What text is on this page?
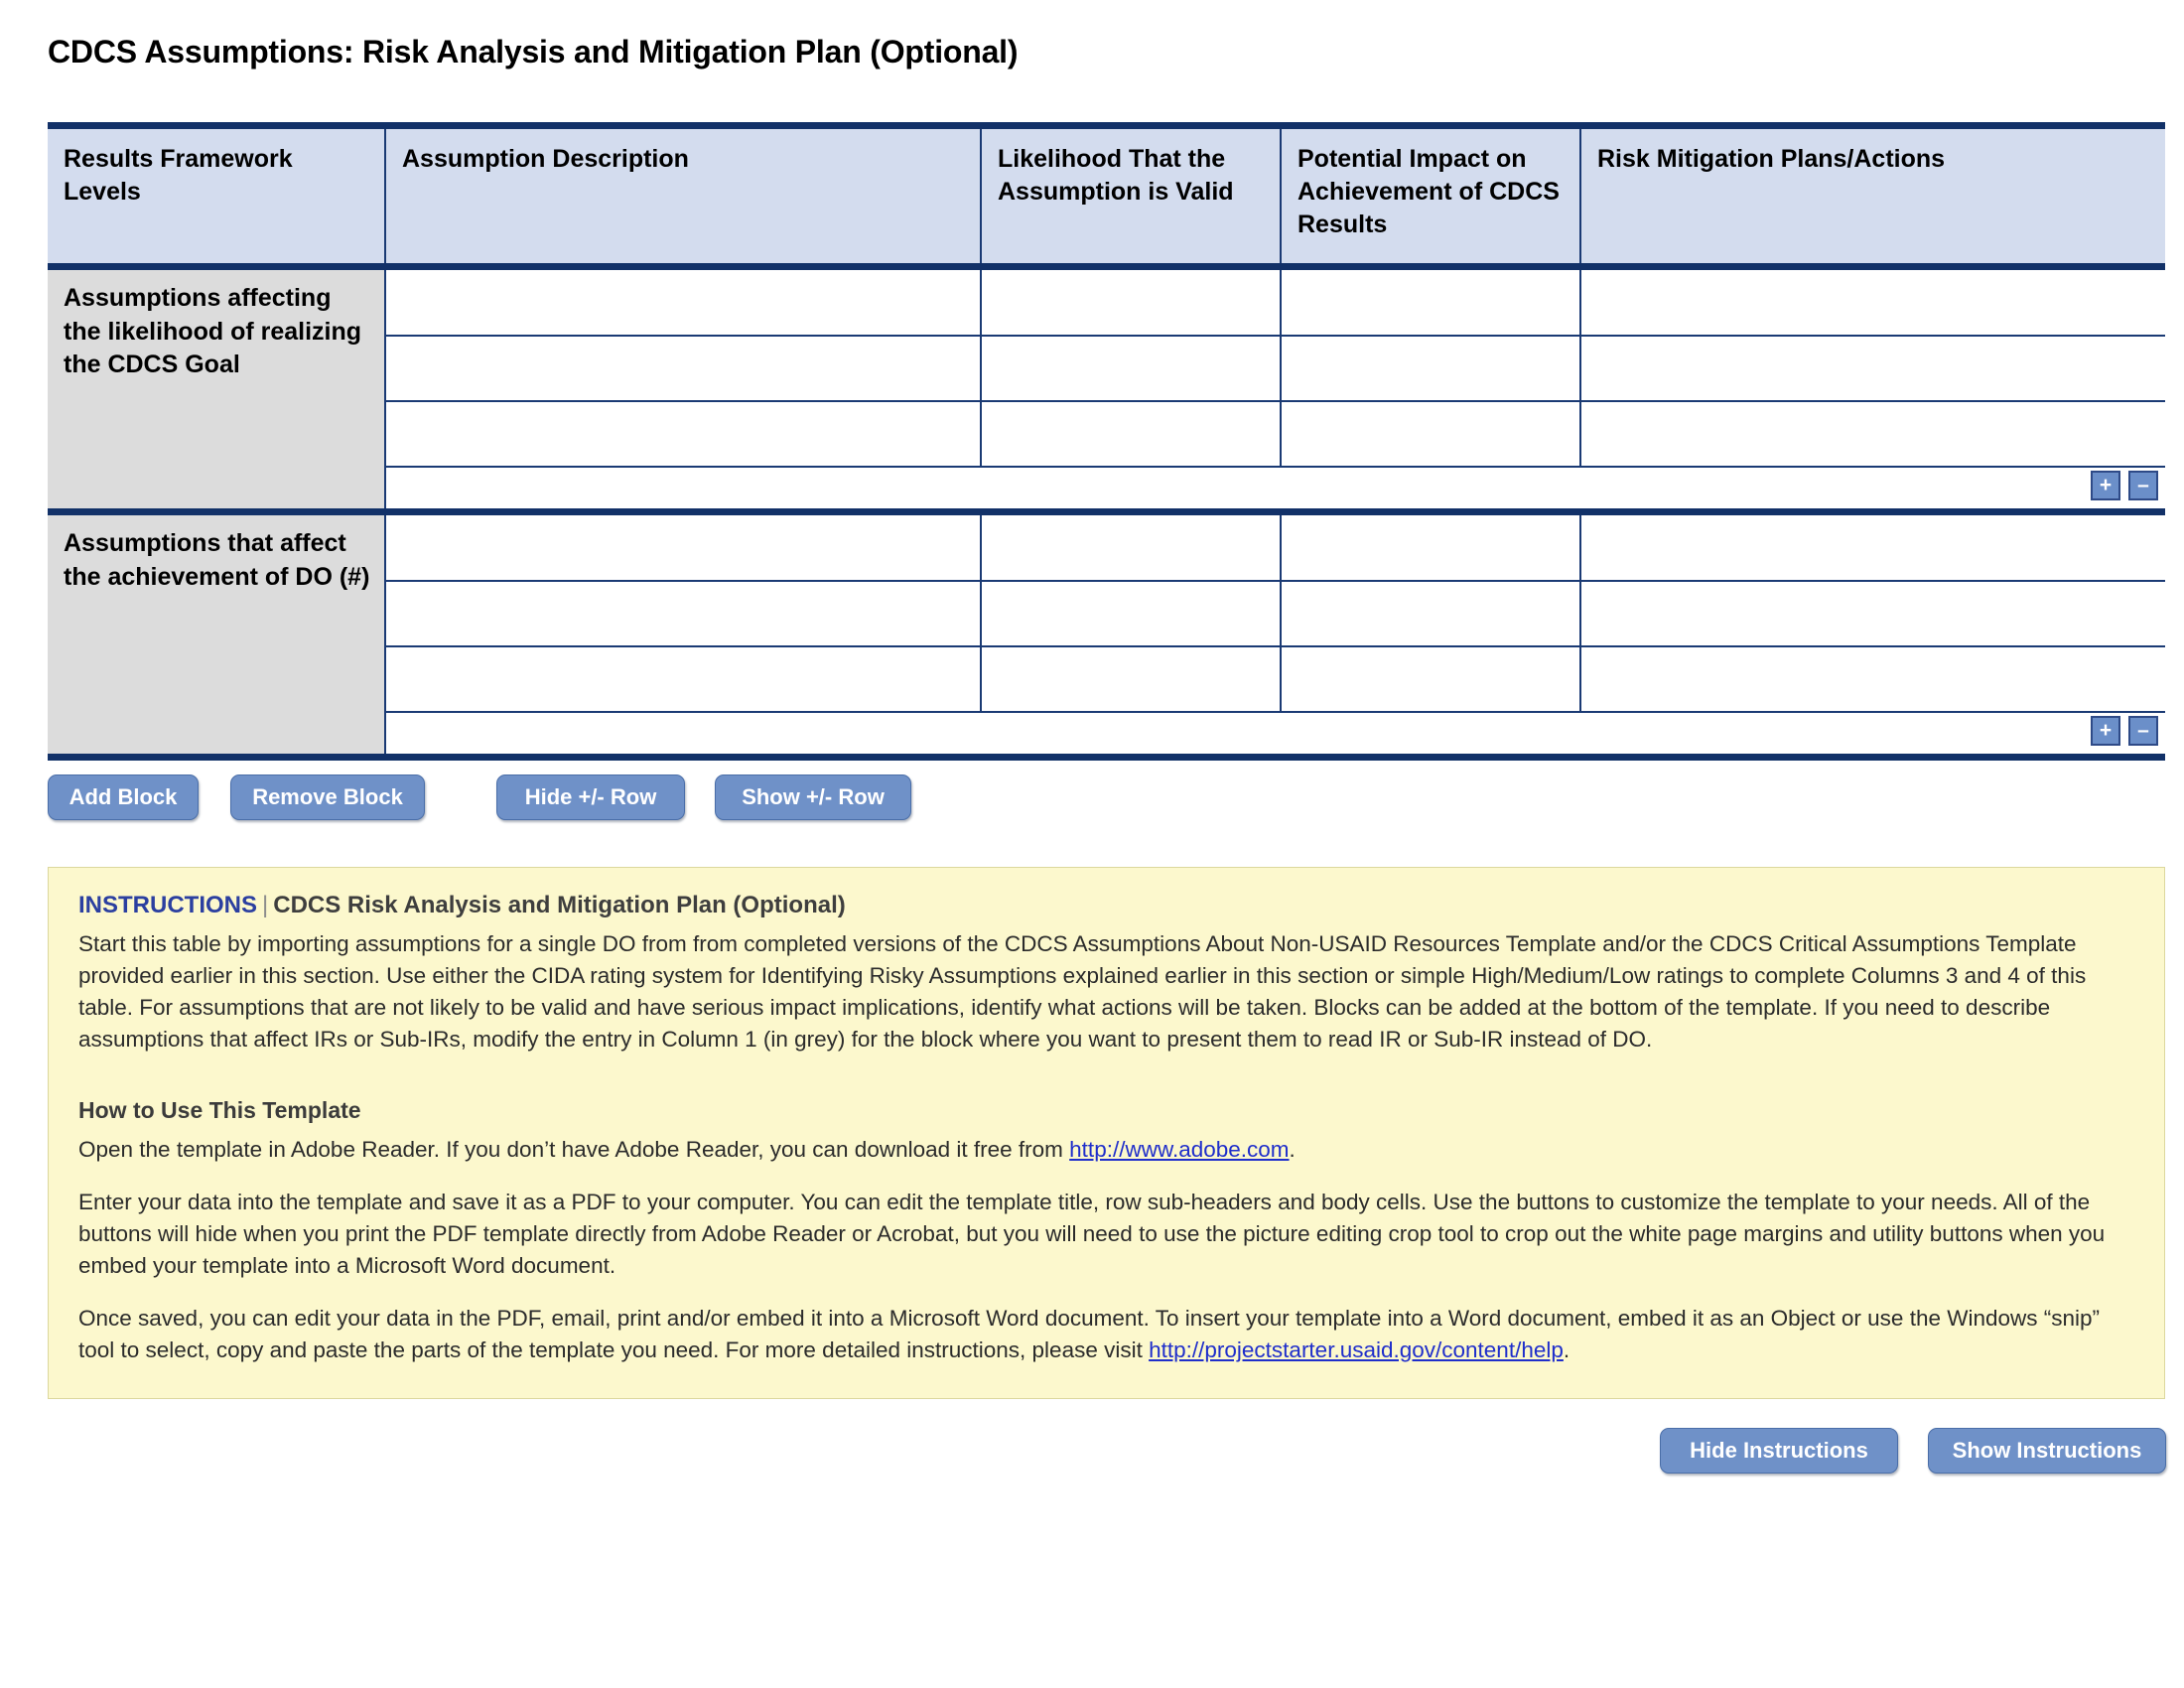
CDCS Assumptions: Risk Analysis and Mitigation Plan (Optional)
Results Framework Levels	Assumption Description	Likelihood That the Assumption is Valid	Potential Impact on Achievement of CDCS Results	Risk Mitigation Plans/Actions

Assumptions affecting the likelihood of realizing the CDCS Goal				

	+ –			

Assumptions that affect the achievement of DO (#)				

	+ –			
Add Block	Remove Block	Hide +/- Row	Show +/- Row
INSTRUCTIONS | CDCS Risk Analysis and Mitigation Plan (Optional)

Start this table by importing assumptions for a single DO from from completed versions of the CDCS Assumptions About Non-USAID Resources Template and/or the CDCS Critical Assumptions Template provided earlier in this section. Use either the CIDA rating system for Identifying Risky Assumptions explained earlier in this section or simple High/Medium/Low ratings to complete Columns 3 and 4 of this table. For assumptions that are not likely to be valid and have serious impact implications, identify what actions will be taken. Blocks can be added at the bottom of the template. If you need to describe assumptions that affect IRs or Sub-IRs, modify the entry in Column 1 (in grey) for the block where you want to present them to read IR or Sub-IR instead of DO.

How to Use This Template

Open the template in Adobe Reader. If you don’t have Adobe Reader, you can download it free from http://www.adobe.com.

Enter your data into the template and save it as a PDF to your computer. You can edit the template title, row sub-headers and body cells. Use the buttons to customize the template to your needs. All of the buttons will hide when you print the PDF template directly from Adobe Reader or Acrobat, but you will need to use the picture editing crop tool to crop out the white page margins and utility buttons when you embed your template into a Microsoft Word document.

Once saved, you can edit your data in the PDF, email, print and/or embed it into a Microsoft Word document. To insert your template into a Word document, embed it as an Object or use the Windows “snip” tool to select, copy and paste the parts of the template you need. For more detailed instructions, please visit http://projectstarter.usaid.gov/content/help.

Hide Instructions	Show Instructions
